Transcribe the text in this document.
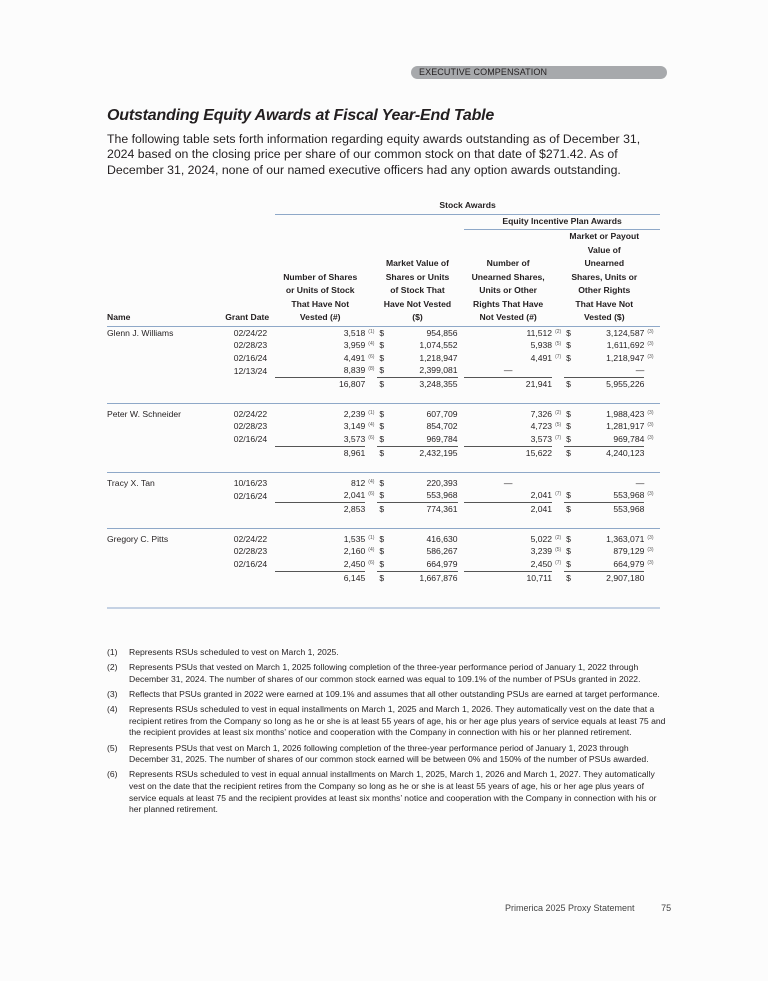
EXECUTIVE COMPENSATION
Outstanding Equity Awards at Fiscal Year-End Table

The following table sets forth information regarding equity awards outstanding as of December 31, 2024 based on the closing price per share of our common stock on that date of $271.42. As of December 31, 2024, none of our named executive officers had any option awards outstanding.

		Stock Awards									
							Equity Incentive Plan Awards				
Name	Grant Date	Number of Shares or Units of Stock That Have Not Vested (#)		Market Value of Shares or Units of Stock That Have Not Vested ($)			Number of Unearned Shares, Units or Other Rights That Have Not Vested (#)		Market or Payout Value of Unearned Shares, Units or Other Rights That Have Not Vested ($)		

Glenn J. Williams	02/24/22	3,518	(1)	$	954,856		11,512	(2)	$	3,124,587	(3)
	02/28/23	3,959	(4)	$	1,074,552		5,938	(5)	$	1,611,692	(3)
	02/16/24	4,491	(6)	$	1,218,947		4,491	(7)	$	1,218,947	(3)
	12/13/24	8,839	(8)	$	2,399,081		—			—	
		16,807		$	3,248,355		21,941		$	5,955,226	

Peter W. Schneider	02/24/22	2,239	(1)	$	607,709		7,326	(2)	$	1,988,423	(3)
	02/28/23	3,149	(4)	$	854,702		4,723	(5)	$	1,281,917	(3)
	02/16/24	3,573	(6)	$	969,784		3,573	(7)	$	969,784	(3)
		8,961		$	2,432,195		15,622		$	4,240,123	

Tracy X. Tan	10/16/23	812	(4)	$	220,393		—			—	
	02/16/24	2,041	(6)	$	553,968		2,041	(7)	$	553,968	(3)
		2,853		$	774,361		2,041		$	553,968	

Gregory C. Pitts	02/24/22	1,535	(1)	$	416,630		5,022	(2)	$	1,363,071	(3)
	02/28/23	2,160	(4)	$	586,267		3,239	(5)	$	879,129	(3)
	02/16/24	2,450	(6)	$	664,979		2,450	(7)	$	664,979	(3)
		6,145		$	1,667,876		10,711		$	2,907,180	

(1)	Represents RSUs scheduled to vest on March 1, 2025.
(2)	Represents PSUs that vested on March 1, 2025 following completion of the three-year performance period of January 1, 2022 through December 31, 2024. The number of shares of our common stock earned was equal to 109.1% of the number of PSUs granted in 2022.
(3)	Reflects that PSUs granted in 2022 were earned at 109.1% and assumes that all other outstanding PSUs are earned at target performance.
(4)	Represents RSUs scheduled to vest in equal installments on March 1, 2025 and March 1, 2026. They automatically vest on the date that a recipient retires from the Company so long as he or she is at least 55 years of age, his or her age plus years of service equals at least 75 and the recipient provides at least six months’ notice and cooperation with the Company in connection with his or her planned retirement.
(5)	Represents PSUs that vest on March 1, 2026 following completion of the three-year performance period of January 1, 2023 through December 31, 2025. The number of shares of our common stock earned will be between 0% and 150% of the number of PSUs awarded.
(6)	Represents RSUs scheduled to vest in equal annual installments on March 1, 2025, March 1, 2026 and March 1, 2027. They automatically vest on the date that the recipient retires from the Company so long as he or she is at least 55 years of age, his or her age plus years of service equals at least 75 and the recipient provides at least six months’ notice and cooperation with the Company in connection with his or her planned retirement.
Primerica 2025 Proxy Statement	75
